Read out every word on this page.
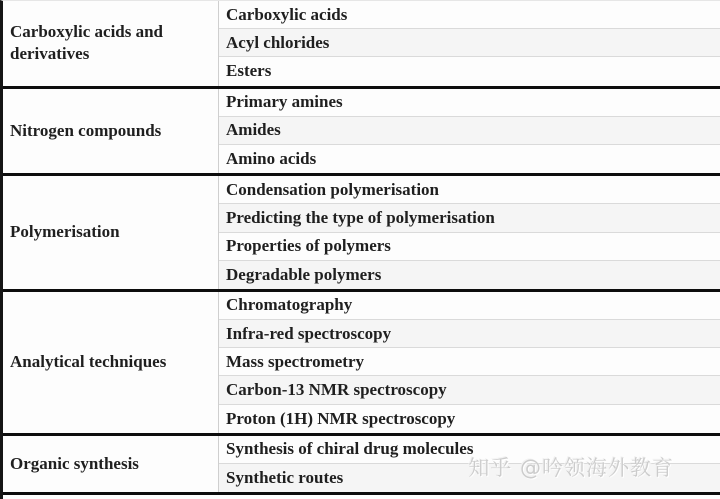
Carboxylic acids and derivatives
Carboxylic acids
Acyl chlorides
Esters
Nitrogen compounds
Primary amines
Amides
Amino acids
Polymerisation
Condensation polymerisation
Predicting the type of polymerisation
Properties of polymers
Degradable polymers
Analytical techniques
Chromatography
Infra-red spectroscopy
Mass spectrometry
Carbon-13 NMR spectroscopy
Proton (1H) NMR spectroscopy
Organic synthesis
Synthesis of chiral drug molecules
Synthetic routes	知乎 @吟领海外教育
